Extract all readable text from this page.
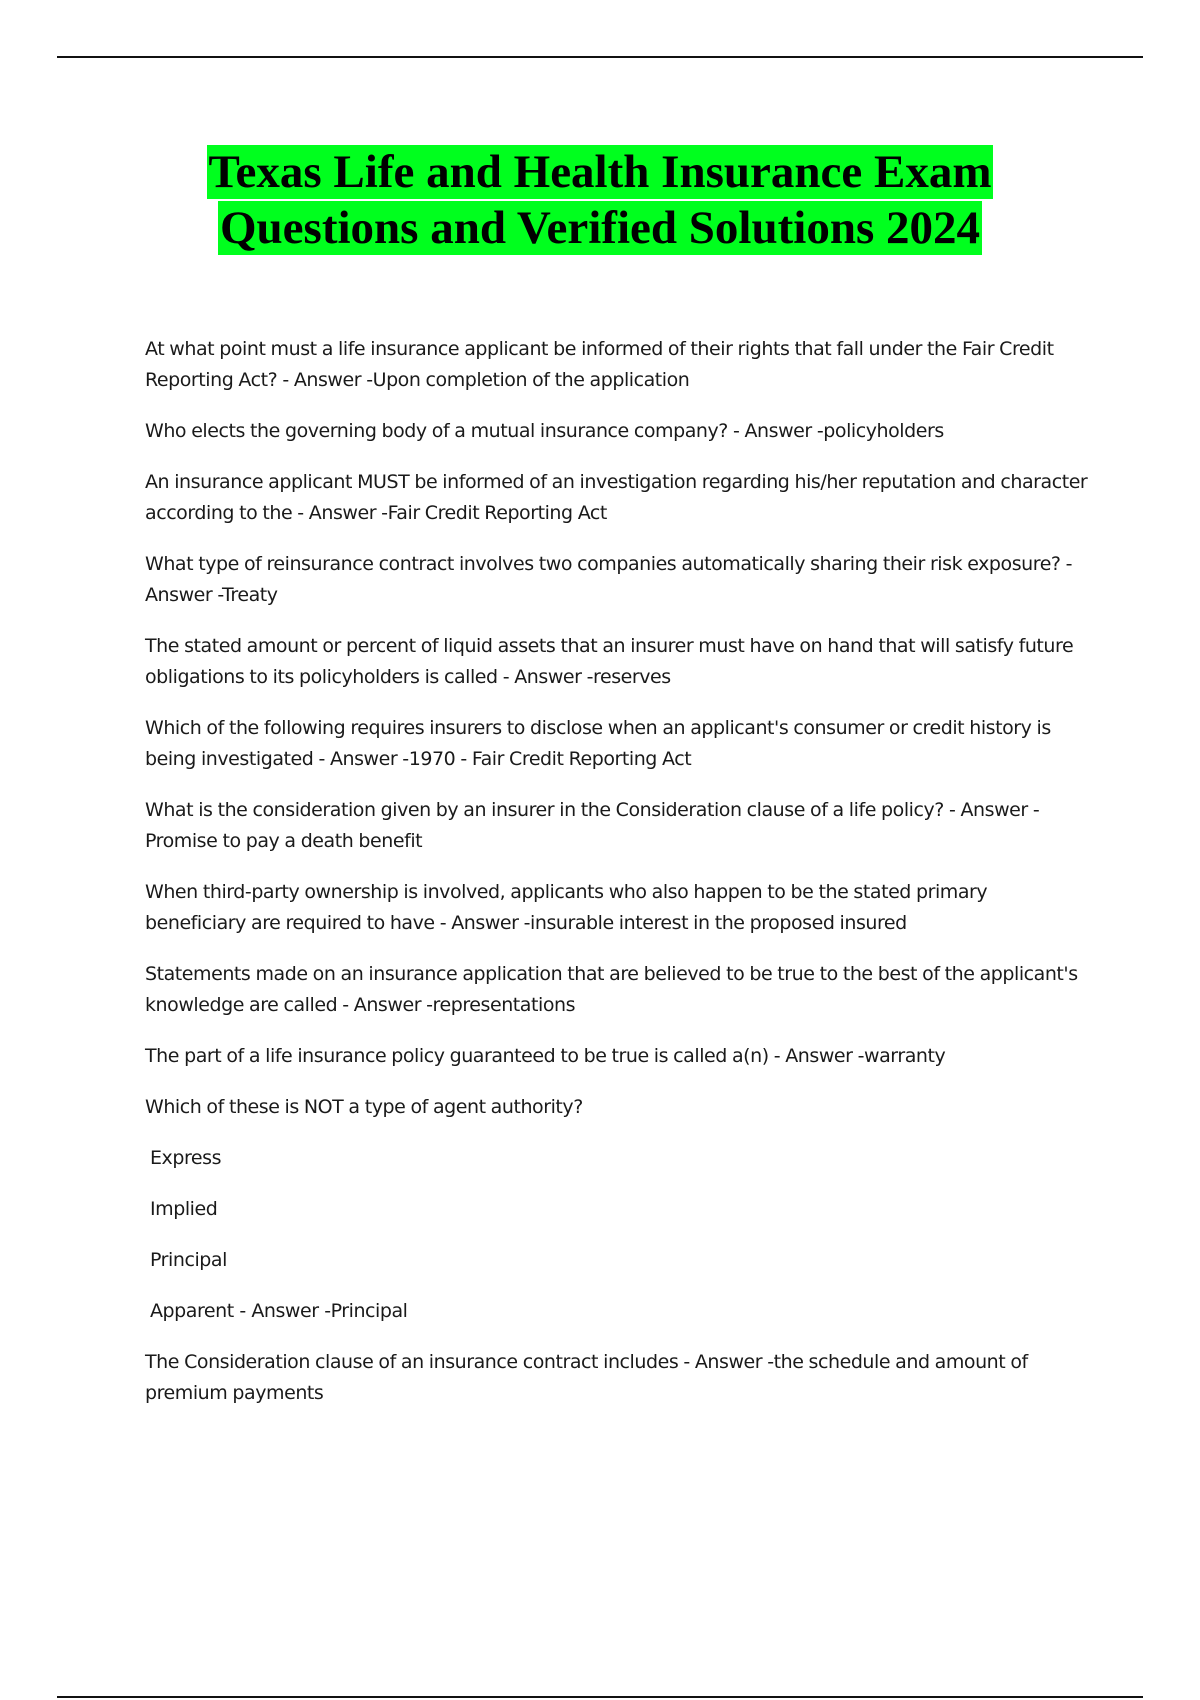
Texas Life and Health Insurance Exam
Questions and Verified Solutions 2024

At what point must a life insurance applicant be informed of their rights that fall under the Fair Credit Reporting Act? - Answer -Upon completion of the application

Who elects the governing body of a mutual insurance company? - Answer -policyholders

An insurance applicant MUST be informed of an investigation regarding his/her reputation and character according to the - Answer -Fair Credit Reporting Act

What type of reinsurance contract involves two companies automatically sharing their risk exposure? - Answer -Treaty

The stated amount or percent of liquid assets that an insurer must have on hand that will satisfy future obligations to its policyholders is called - Answer -reserves

Which of the following requires insurers to disclose when an applicant's consumer or credit history is being investigated - Answer -1970 - Fair Credit Reporting Act

What is the consideration given by an insurer in the Consideration clause of a life policy? - Answer - Promise to pay a death benefit

When third-party ownership is involved, applicants who also happen to be the stated primary beneficiary are required to have - Answer -insurable interest in the proposed insured

Statements made on an insurance application that are believed to be true to the best of the applicant's knowledge are called - Answer -representations

The part of a life insurance policy guaranteed to be true is called a(n) - Answer -warranty

Which of these is NOT a type of agent authority?

Express

Implied

Principal

Apparent - Answer -Principal

The Consideration clause of an insurance contract includes - Answer -the schedule and amount of premium payments
